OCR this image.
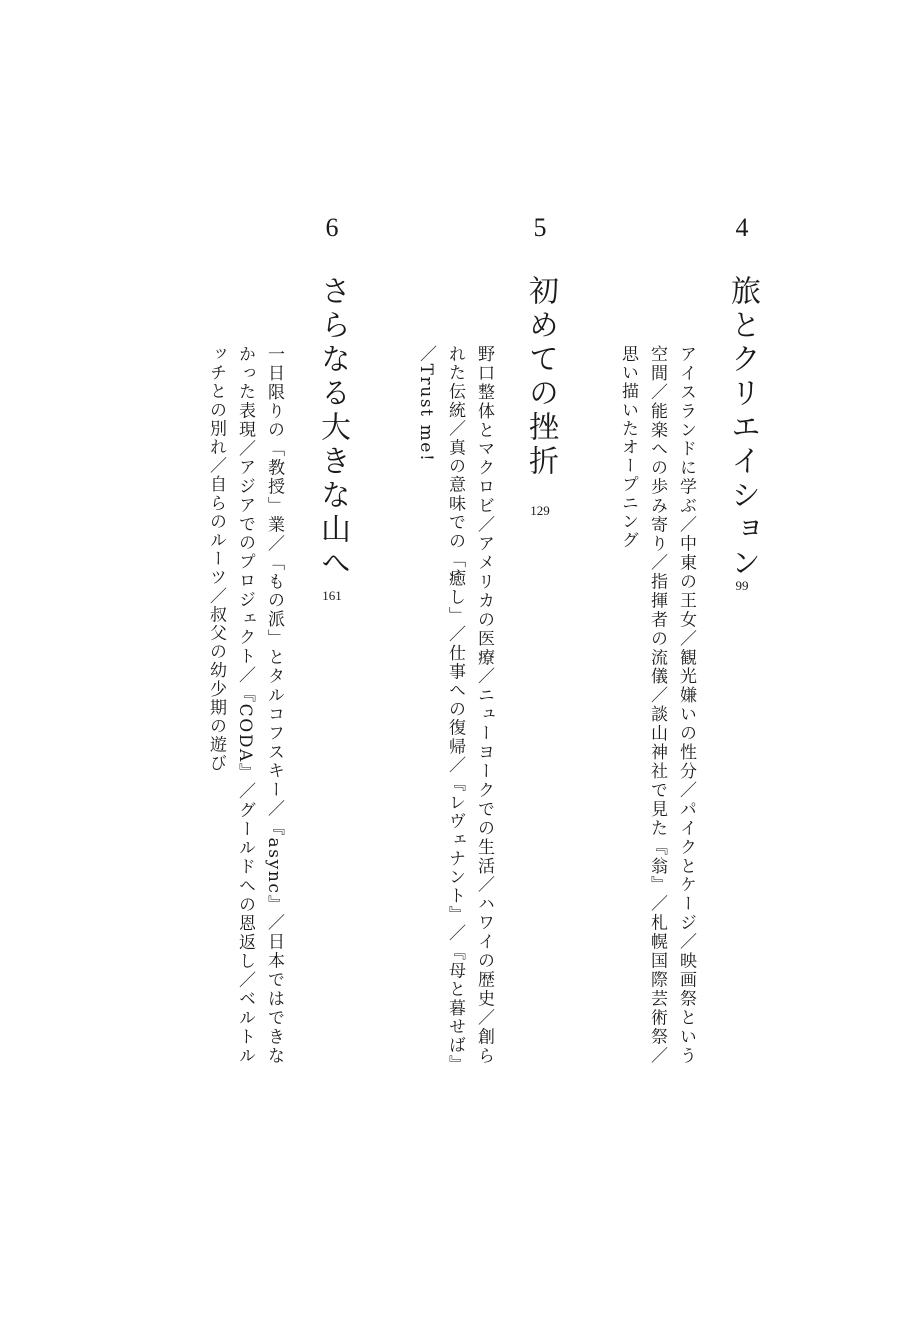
4
旅とクリエイション
99
アイスランドに学ぶ／中東の王女／観光嫌いの性分／パイクとケージ／映画祭という空間／能楽への歩み寄り／指揮者の流儀／談山神社で見た『翁』／札幌国際芸術祭／思い描いたオープニング
5
初めての挫折
129
野口整体とマクロビ／アメリカの医療／ニューヨークでの生活／ハワイの歴史／創られた伝統／真の意味での「癒し」／仕事への復帰／『レヴェナント』／『母と暮せば』／Trust me!
6
さらなる大きな山へ
161
一日限りの「教授」業／「もの派」とタルコフスキー／『async』／日本ではできなかった表現／アジアでのプロジェクト／『CODA』／グールドへの恩返し／ベルトルッチとの別れ／自らのルーツ／叔父の幼少期の遊び
